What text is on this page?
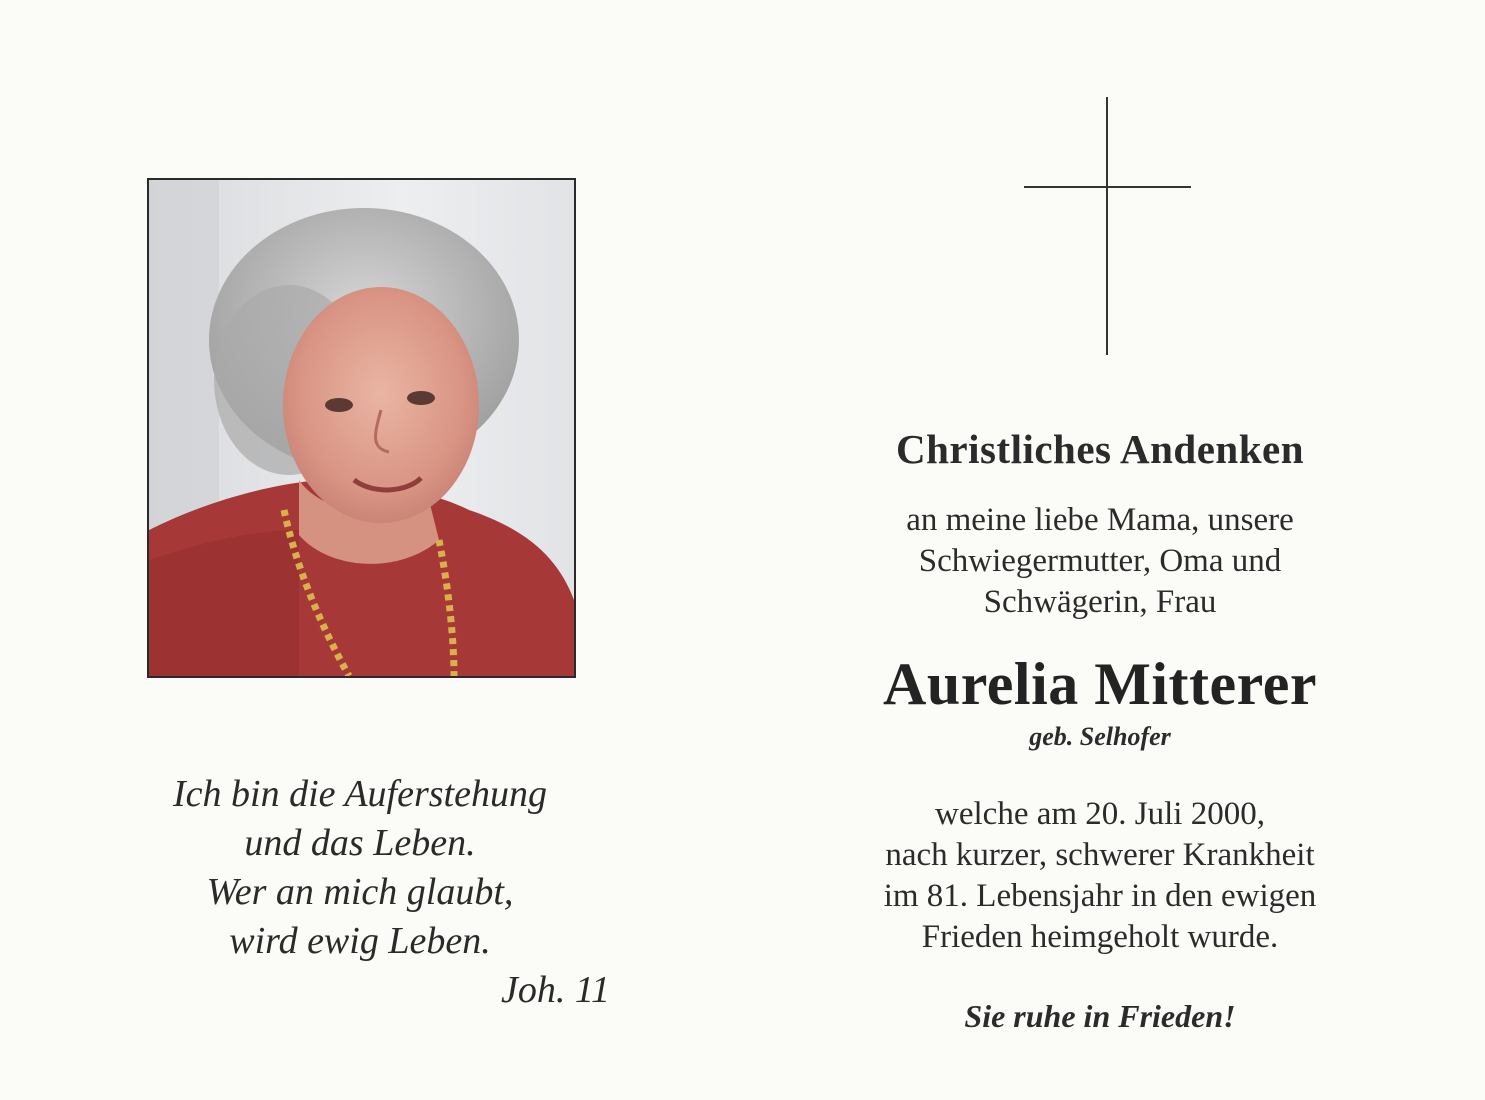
Ich bin die Auferstehung
und das Leben.
Wer an mich glaubt,
wird ewig Leben.
Joh. 11
Christliches Andenken
an meine liebe Mama, unsere
Schwiegermutter, Oma und
Schwägerin, Frau
Aurelia Mitterer
geb. Selhofer
welche am 20. Juli 2000,
nach kurzer, schwerer Krankheit
im 81. Lebensjahr in den ewigen
Frieden heimgeholt wurde.
Sie ruhe in Frieden!
